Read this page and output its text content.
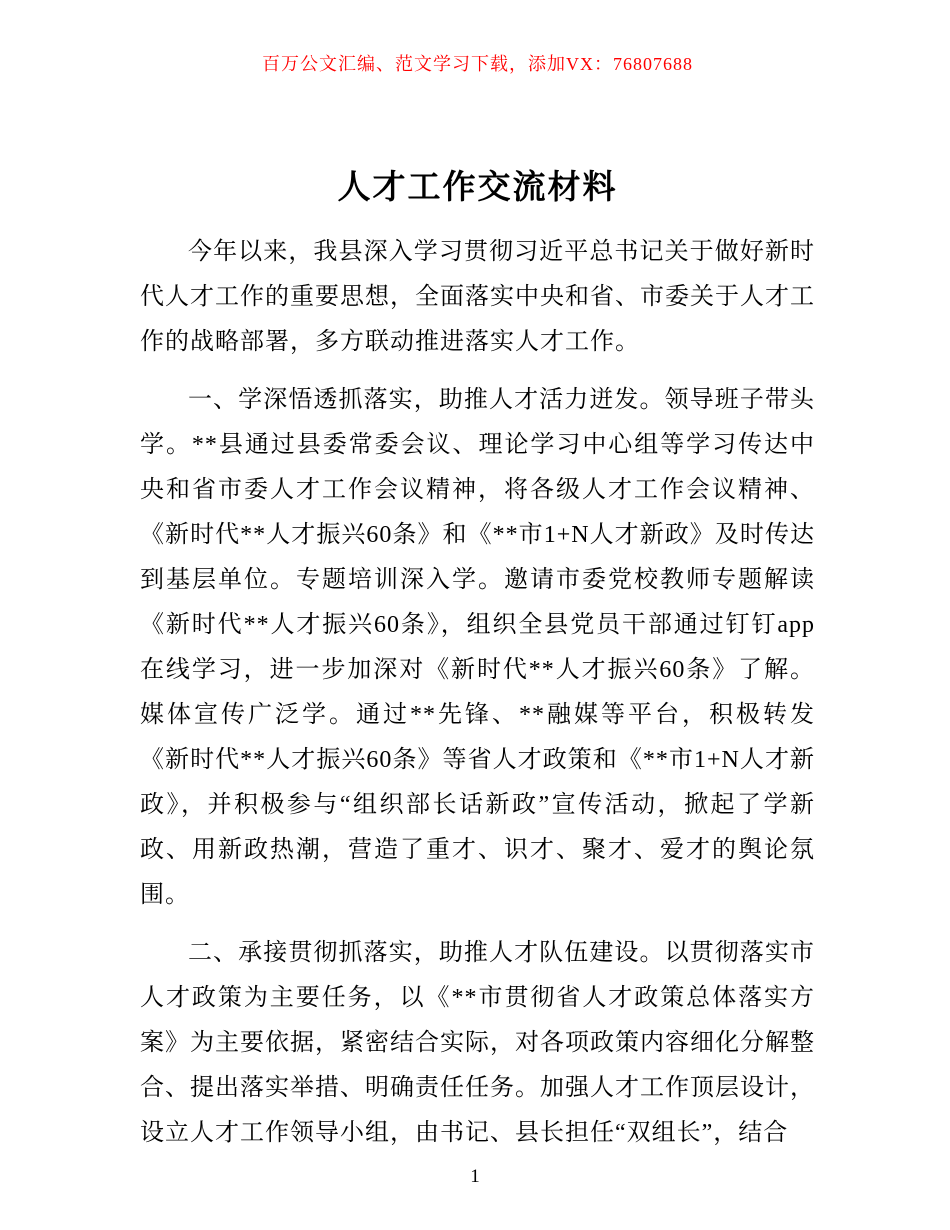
百万公文汇编、范文学习下载，添加VX：76807688

人才工作交流材料

今年以来，我县深入学习贯彻习近平总书记关于做好新时代人才工作的重要思想，全面落实中央和省、市委关于人才工作的战略部署，多方联动推进落实人才工作。

一、学深悟透抓落实，助推人才活力迸发。领导班子带头学。**县通过县委常委会议、理论学习中心组等学习传达中央和省市委人才工作会议精神，将各级人才工作会议精神、《新时代**人才振兴60条》和《**市1+N人才新政》及时传达到基层单位。专题培训深入学。邀请市委党校教师专题解读《新时代**人才振兴60条》，组织全县党员干部通过钉钉app在线学习，进一步加深对《新时代**人才振兴60条》了解。媒体宣传广泛学。通过**先锋、**融媒等平台，积极转发《新时代**人才振兴60条》等省人才政策和《**市1+N人才新政》，并积极参与“组织部长话新政”宣传活动，掀起了学新政、用新政热潮，营造了重才、识才、聚才、爱才的舆论氛围。

二、承接贯彻抓落实，助推人才队伍建设。以贯彻落实市人才政策为主要任务，以《**市贯彻省人才政策总体落实方案》为主要依据，紧密结合实际，对各项政策内容细化分解整合、提出落实举措、明确责任任务。加强人才工作顶层设计，设立人才工作领导小组，由书记、县长担任“双组长”，结合

1
